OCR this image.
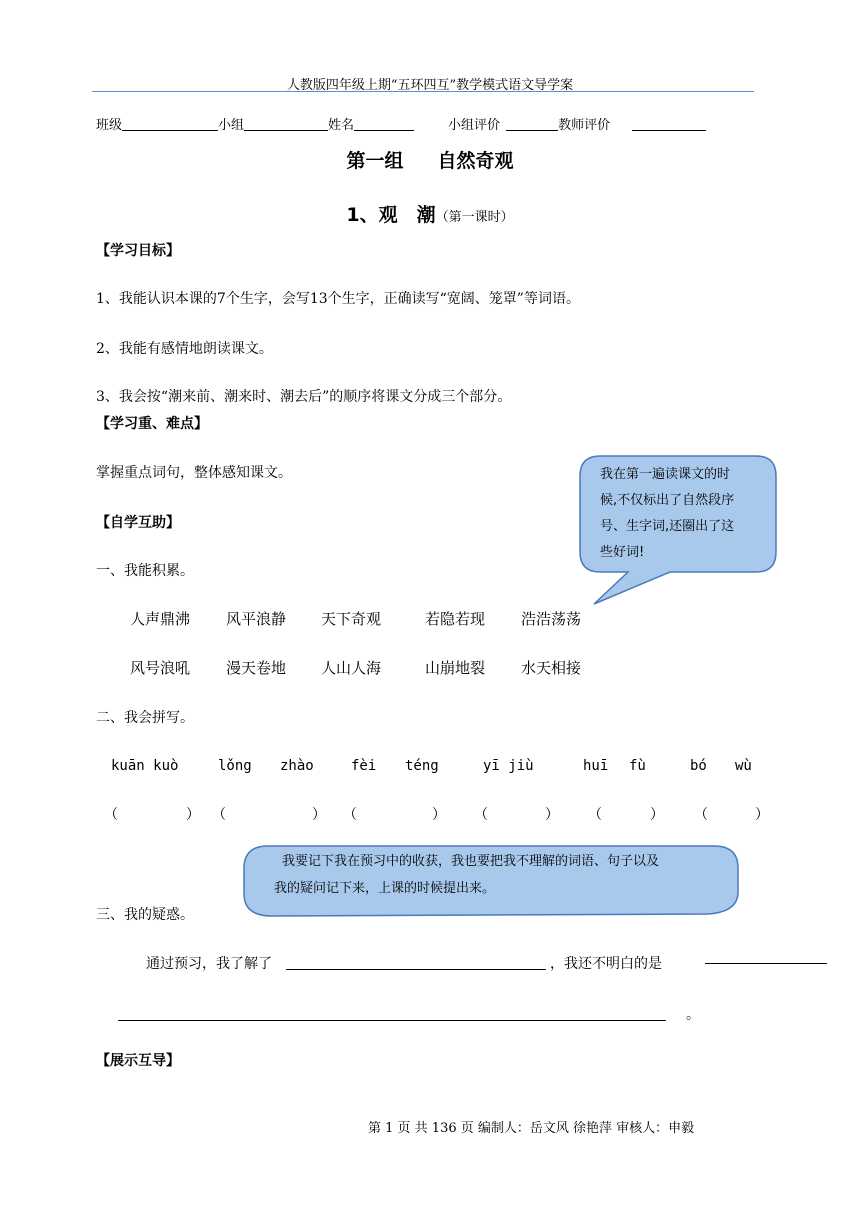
人教版四年级上期“五环四互”教学模式语文导学案
班级	小组	姓名	小组评价	教师评价
第一组 自然奇观
1、观　潮（第一课时）
【学习目标】
1、我能认识本课的7个生字，会写13个生字，正确读写“宽阔、笼罩”等词语。
2、我能有感情地朗读课文。
3、我会按“潮来前、潮来时、潮去后”的顺序将课文分成三个部分。
【学习重、难点】
掌握重点词句，整体感知课文。
【自学互助】
一、我能积累。
人声鼎沸 风平浪静 天下奇观	若隐若现 浩浩荡荡
风号浪吼 漫天卷地 人山人海	山崩地裂 水天相接
二、我会拼写。
kuān kuò	lǒng zhào	fèi téng	yī jiù	huī fù	bó wù
（	） （	） （	） （	） （	） （	）
三、我的疑惑。
通过预习，我了解了	，我还不明白的是
。
【展示互导】
第 1 页 共 136 页 编制人：岳文风 徐艳萍 审核人：申毅
我在第一遍读课文的时
候,不仅标出了自然段序
号、生字词,还圈出了这
些好词!
我要记下我在预习中的收获，我也要把我不理解的词语、句子以及
我的疑问记下来，上课的时候提出来。
